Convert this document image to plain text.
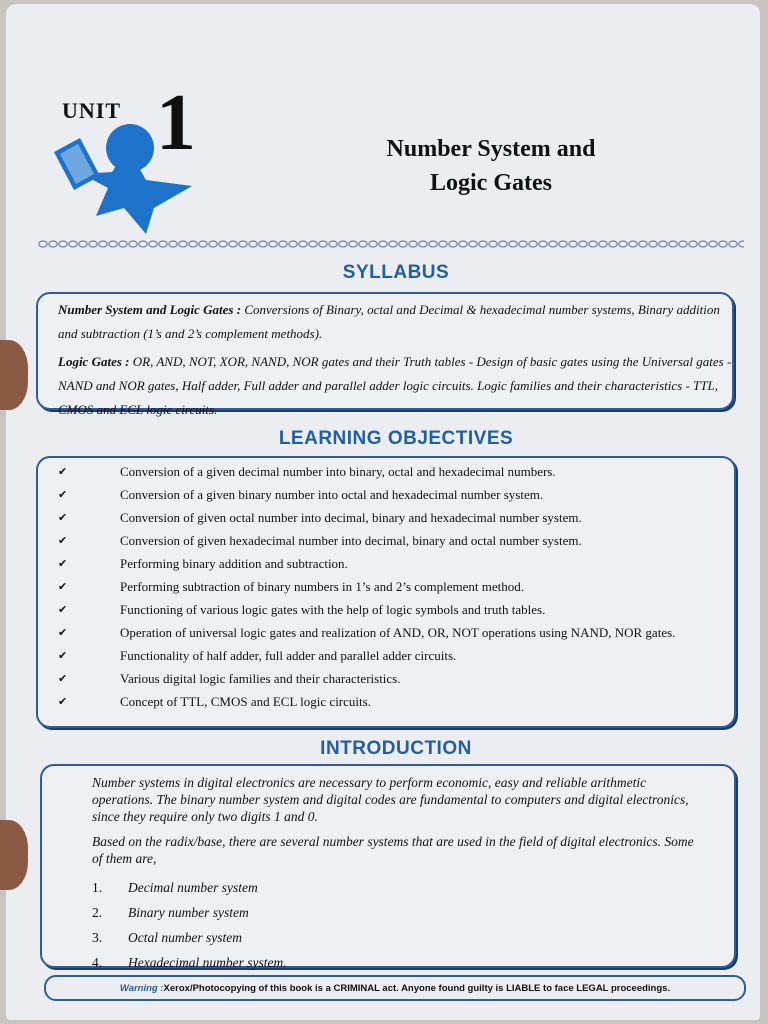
UNIT 1	Number System and
Logic Gates
SYLLABUS

Number System and Logic Gates : Conversions of Binary, octal and Decimal & hexadecimal number systems, Binary addition and subtraction (1’s and 2’s complement methods).

Logic Gates : OR, AND, NOT, XOR, NAND, NOR gates and their Truth tables - Design of basic gates using the Universal gates - NAND and NOR gates, Half adder, Full adder and parallel adder logic circuits. Logic families and their characteristics - TTL, CMOS and ECL logic circuits.

LEARNING OBJECTIVES
✔	Conversion of a given decimal number into binary, octal and hexadecimal numbers.
✔	Conversion of a given binary number into octal and hexadecimal number system.
✔	Conversion of given octal number into decimal, binary and hexadecimal number system.
✔	Conversion of given hexadecimal number into decimal, binary and octal number system.
✔	Performing binary addition and subtraction.
✔	Performing subtraction of binary numbers in 1’s and 2’s complement method.
✔	Functioning of various logic gates with the help of logic symbols and truth tables.
✔	Operation of universal logic gates and realization of AND, OR, NOT operations using NAND, NOR gates.
✔	Functionality of half adder, full adder and parallel adder circuits.
✔	Various digital logic families and their characteristics.
✔	Concept of TTL, CMOS and ECL logic circuits.
INTRODUCTION

Number systems in digital electronics are necessary to perform economic, easy and reliable arithmetic operations. The binary number system and digital codes are fundamental to computers and digital electronics, since they require only two digits 1 and 0.

Based on the radix/base, there are several number systems that are used in the field of digital electronics. Some of them are,

1.	Decimal number system
2.	Binary number system
3.	Octal number system
4.	Hexadecimal number system.
Warning : Xerox/Photocopying of this book is a CRIMINAL act. Anyone found guilty is LIABLE to face LEGAL proceedings.
